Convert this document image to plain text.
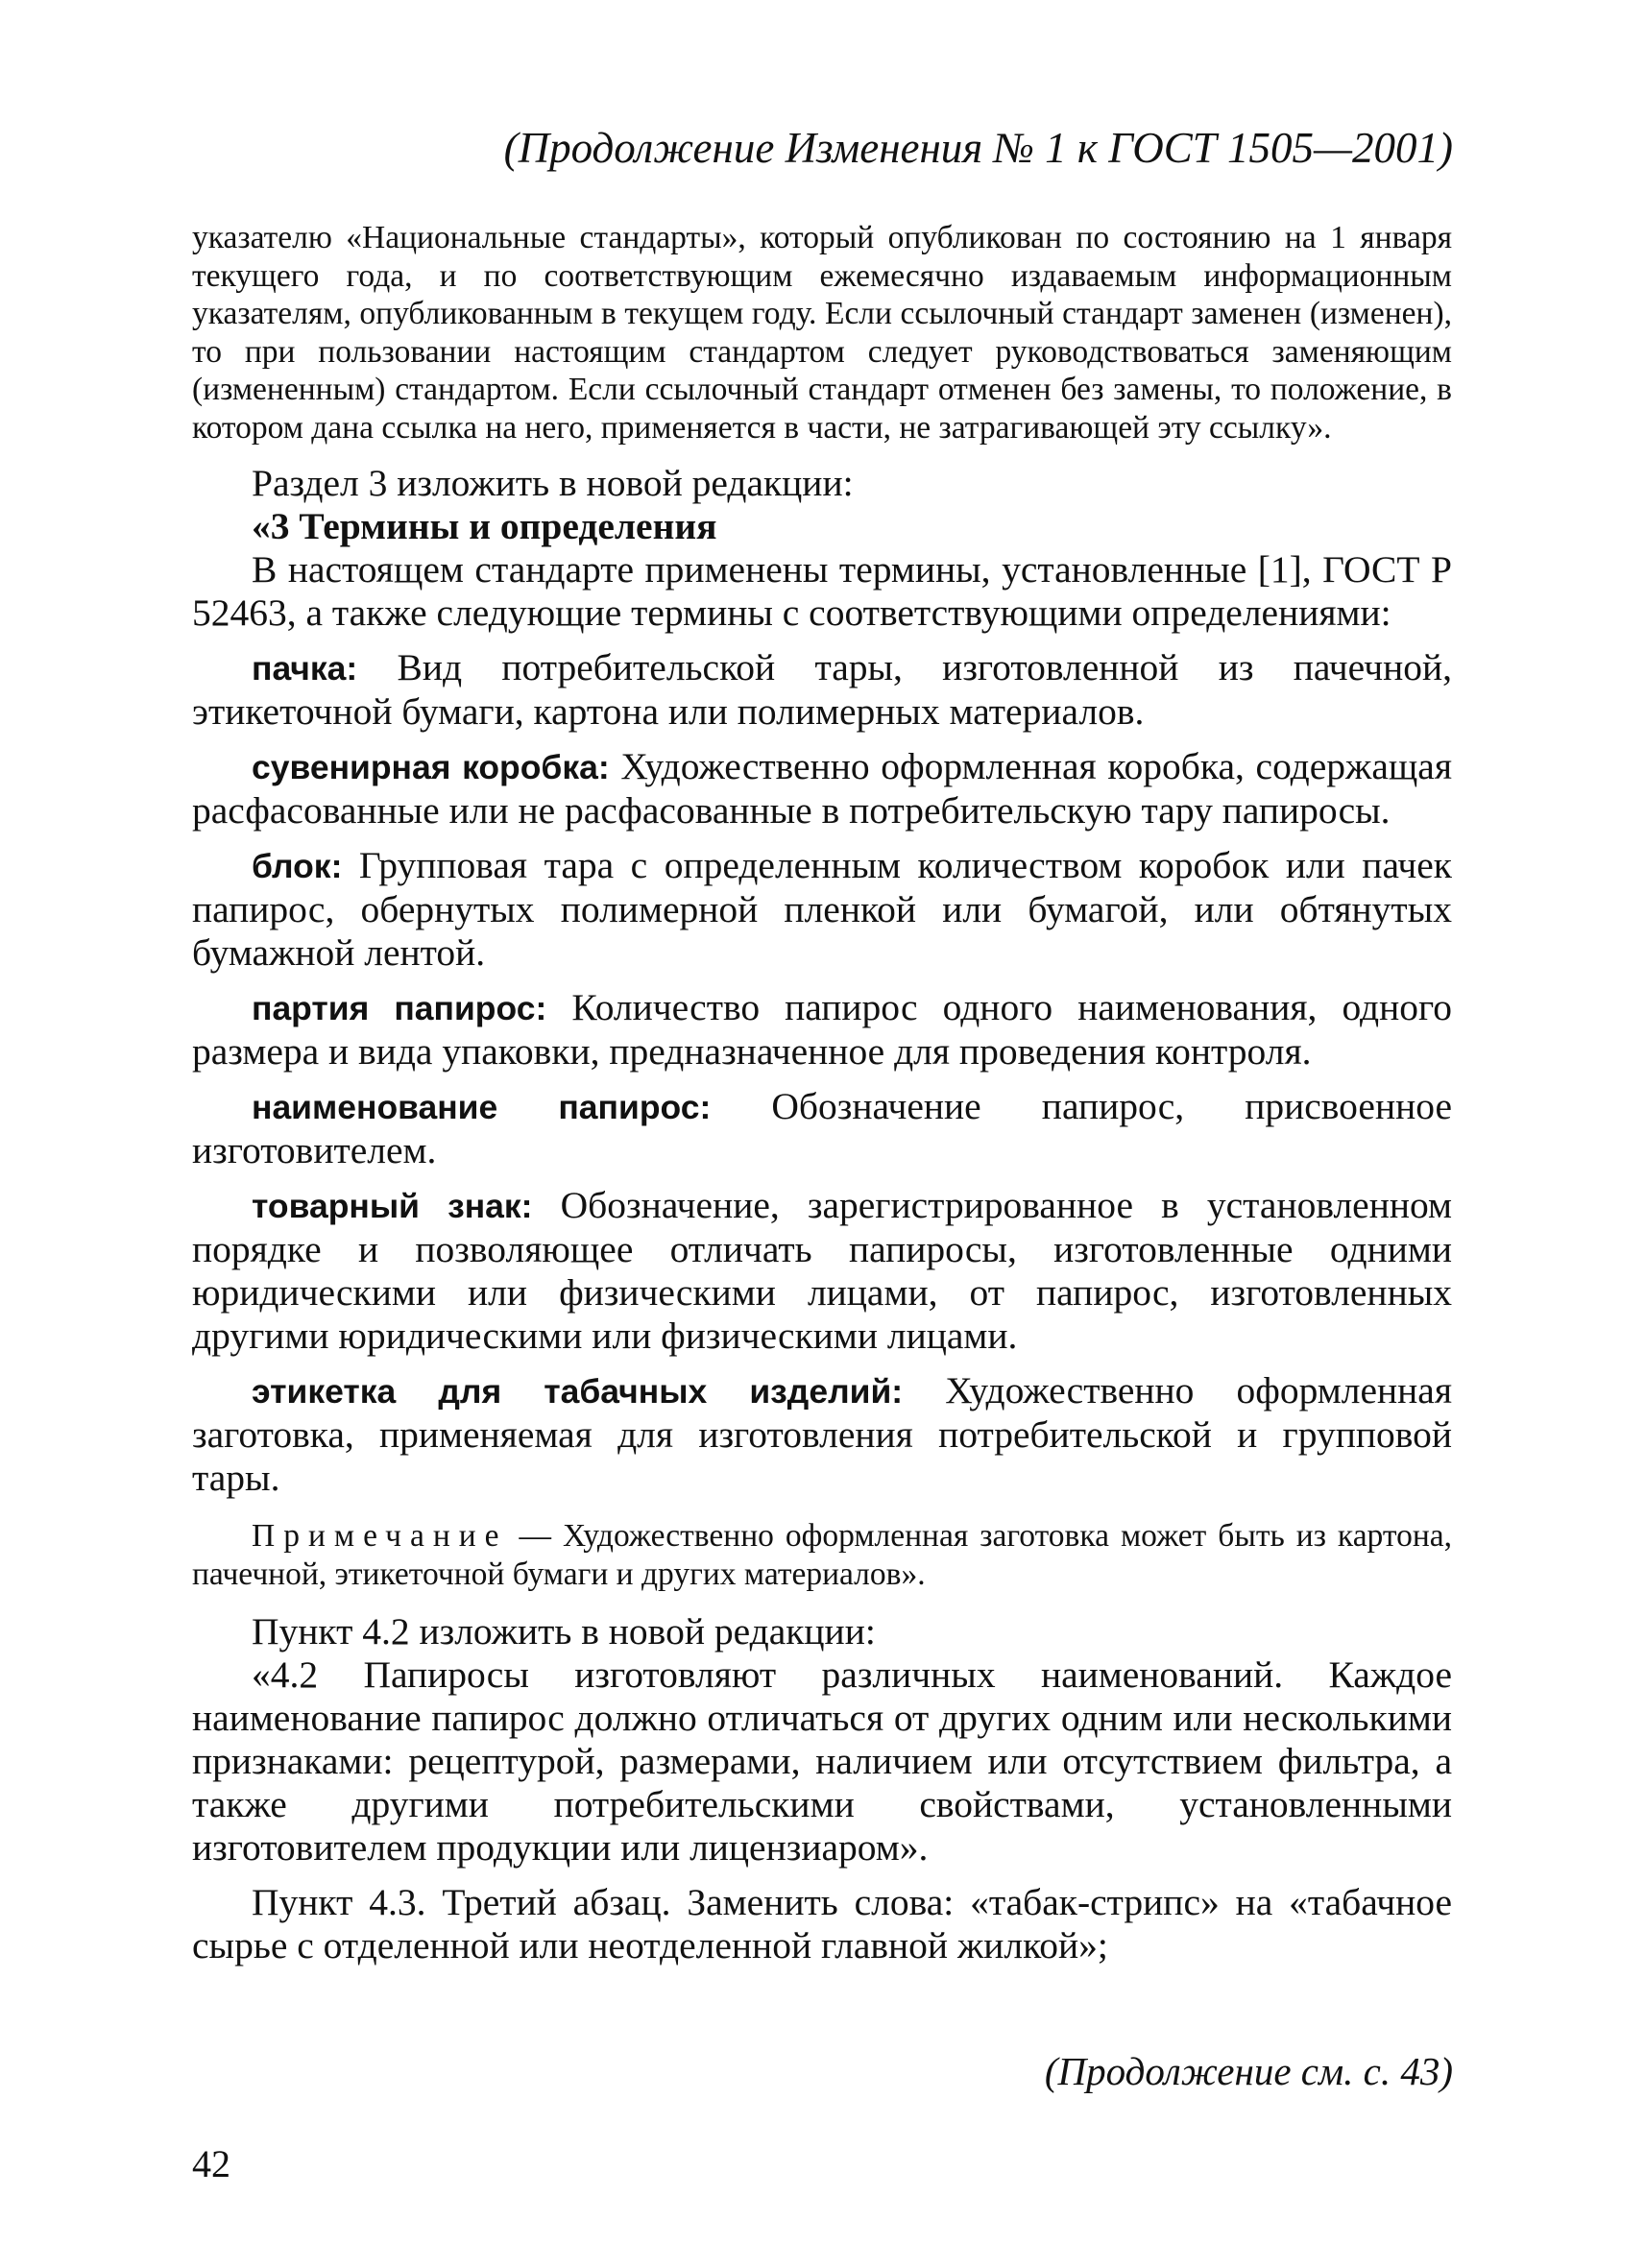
(Продолжение Изменения № 1 к ГОСТ 1505—2001)

указателю «Национальные стандарты», который опубликован по состоянию на 1 января текущего года, и по соответствующим ежемесячно издаваемым информационным указателям, опубликованным в текущем году. Если ссылочный стандарт заменен (изменен), то при пользовании настоящим стандартом следует руководствоваться заменяющим (измененным) стандартом. Если ссылочный стандарт отменен без замены, то положение, в котором дана ссылка на него, применяется в части, не затрагивающей эту ссылку».

Раздел 3 изложить в новой редакции:

«3 Термины и определения

В настоящем стандарте применены термины, установленные [1], ГОСТ Р 52463, а также следующие термины с соответствующими определениями:

пачка: Вид потребительской тары, изготовленной из пачечной, этикеточной бумаги, картона или полимерных материалов.

сувенирная коробка: Художественно оформленная коробка, содержащая расфасованные или не расфасованные в потребительскую тару папиросы.

блок: Групповая тара с определенным количеством коробок или пачек папирос, обернутых полимерной пленкой или бумагой, или обтянутых бумажной лентой.

партия папирос: Количество папирос одного наименования, одного размера и вида упаковки, предназначенное для проведения контроля.

наименование папирос: Обозначение папирос, присвоенное изготовителем.

товарный знак: Обозначение, зарегистрированное в установленном порядке и позволяющее отличать папиросы, изготовленные одними юридическими или физическими лицами, от папирос, изготовленных другими юридическими или физическими лицами.

этикетка для табачных изделий: Художественно оформленная заготовка, применяемая для изготовления потребительской и групповой тары.

Примечание — Художественно оформленная заготовка может быть из картона, пачечной, этикеточной бумаги и других материалов».

Пункт 4.2 изложить в новой редакции:

«4.2 Папиросы изготовляют различных наименований. Каждое наименование папирос должно отличаться от других одним или несколькими признаками: рецептурой, размерами, наличием или отсутствием фильтра, а также другими потребительскими свойствами, установленными изготовителем продукции или лицензиаром».

Пункт 4.3. Третий абзац. Заменить слова: «табак-стрипс» на «табачное сырье с отделенной или неотделенной главной жилкой»;

(Продолжение см. с. 43)
42
